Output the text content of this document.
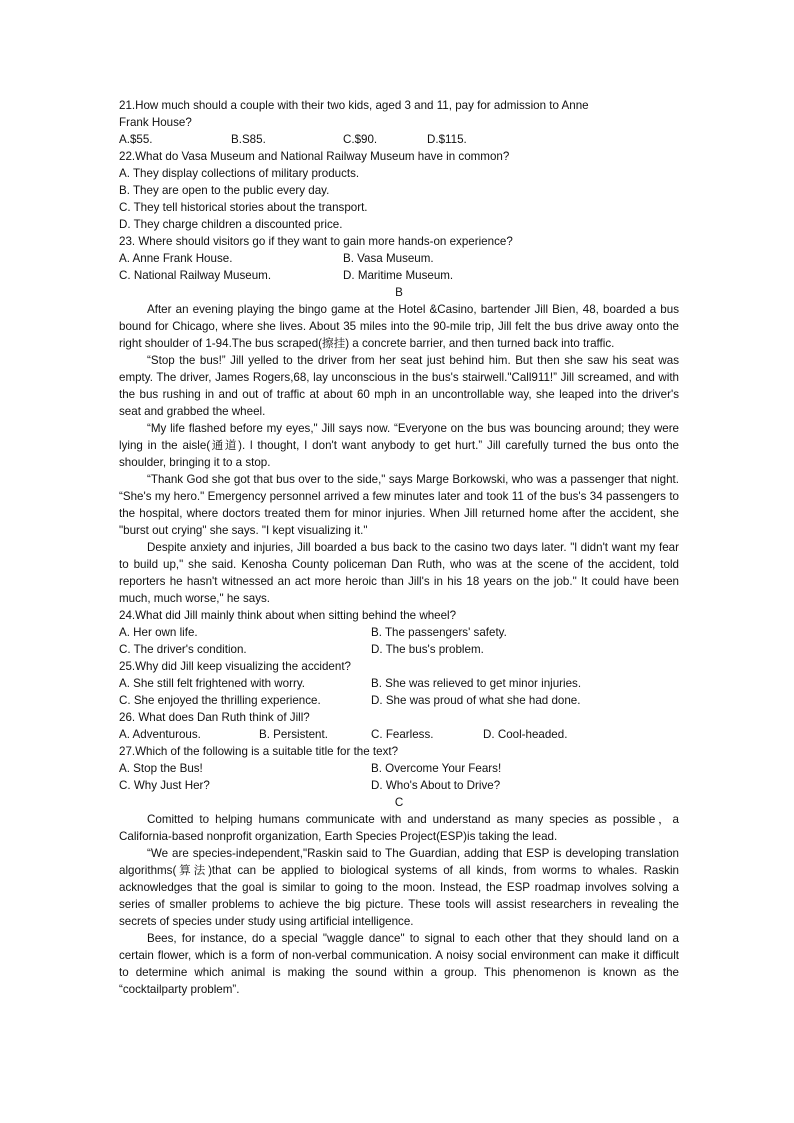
21.How much should a couple with their two kids, aged 3 and 11, pay for admission to Anne
Frank House?
A.$55.	B.S85.	C.$90.	D.$115.
22.What do Vasa Museum and National Railway Museum have in common?
A. They display collections of military products.
B. They are open to the public every day.
C. They tell historical stories about the transport.
D. They charge children a discounted price.
23. Where should visitors go if they want to gain more hands-on experience?
A. Anne Frank House.	B. Vasa Museum.
C. National Railway Museum.	D. Maritime Museum.
B

After an evening playing the bingo game at the Hotel &Casino, bartender Jill Bien, 48, boarded a bus bound for Chicago, where she lives. About 35 miles into the 90-mile trip, Jill felt the bus drive away onto the right shoulder of 1-94.The bus scraped(擦挂) a concrete barrier, and then turned back into traffic.

“Stop the bus!” Jill yelled to the driver from her seat just behind him. But then she saw his seat was empty. The driver, James Rogers,68, lay unconscious in the bus's stairwell."Call911!” Jill screamed, and with the bus rushing in and out of traffic at about 60 mph in an uncontrollable way, she leaped into the driver's seat and grabbed the wheel.

“My life flashed before my eyes," Jill says now. “Everyone on the bus was bouncing around; they were lying in the aisle(通道). l thought, I don't want anybody to get hurt.” Jill carefully turned the bus onto the shoulder, bringing it to a stop.

“Thank God she got that bus over to the side," says Marge Borkowski, who was a passenger that night. “She's my hero." Emergency personnel arrived a few minutes later and took 11 of the bus's 34 passengers to the hospital, where doctors treated them for minor injuries. When Jill returned home after the accident, she "burst out crying" she says. "I kept visualizing it."

Despite anxiety and injuries, Jill boarded a bus back to the casino two days later. "l didn't want my fear to build up," she said. Kenosha County policeman Dan Ruth, who was at the scene of the accident, told reporters he hasn't witnessed an act more heroic than Jill's in his 18 years on the job." It could have been much, much worse," he says.

24.What did Jill mainly think about when sitting behind the wheel?
A. Her own life.	B. The passengers' safety.
C. The driver's condition.	D. The bus's problem.
25.Why did Jill keep visualizing the accident?
A. She still felt frightened with worry.	B. She was relieved to get minor injuries.
C. She enjoyed the thrilling experience.	D. She was proud of what she had done.
26. What does Dan Ruth think of Jill?
A. Adventurous.	B. Persistent.	C. Fearless.	D. Cool-headed.
27.Which of the following is a suitable title for the text?
A. Stop the Bus!	B. Overcome Your Fears!
C. Why Just Her?	D. Who's About to Drive?
C

Comitted to helping humans communicate with and understand as many species as possible，a California-based nonprofit organization, Earth Species Project(ESP)is taking the lead.

“We are species-independent,"Raskin said to The Guardian, adding that ESP is developing translation algorithms(算法)that can be applied to biological systems of all kinds, from worms to whales. Raskin acknowledges that the goal is similar to going to the moon. Instead, the ESP roadmap involves solving a series of smaller problems to achieve the big picture. These tools will assist researchers in revealing the secrets of species under study using artificial intelligence.

Bees, for instance, do a special "waggle dance" to signal to each other that they should land on a certain flower, which is a form of non-verbal communication. A noisy social environment can make it difficult to determine which animal is making the sound within a group. This phenomenon is known as the “cocktailparty problem”.
